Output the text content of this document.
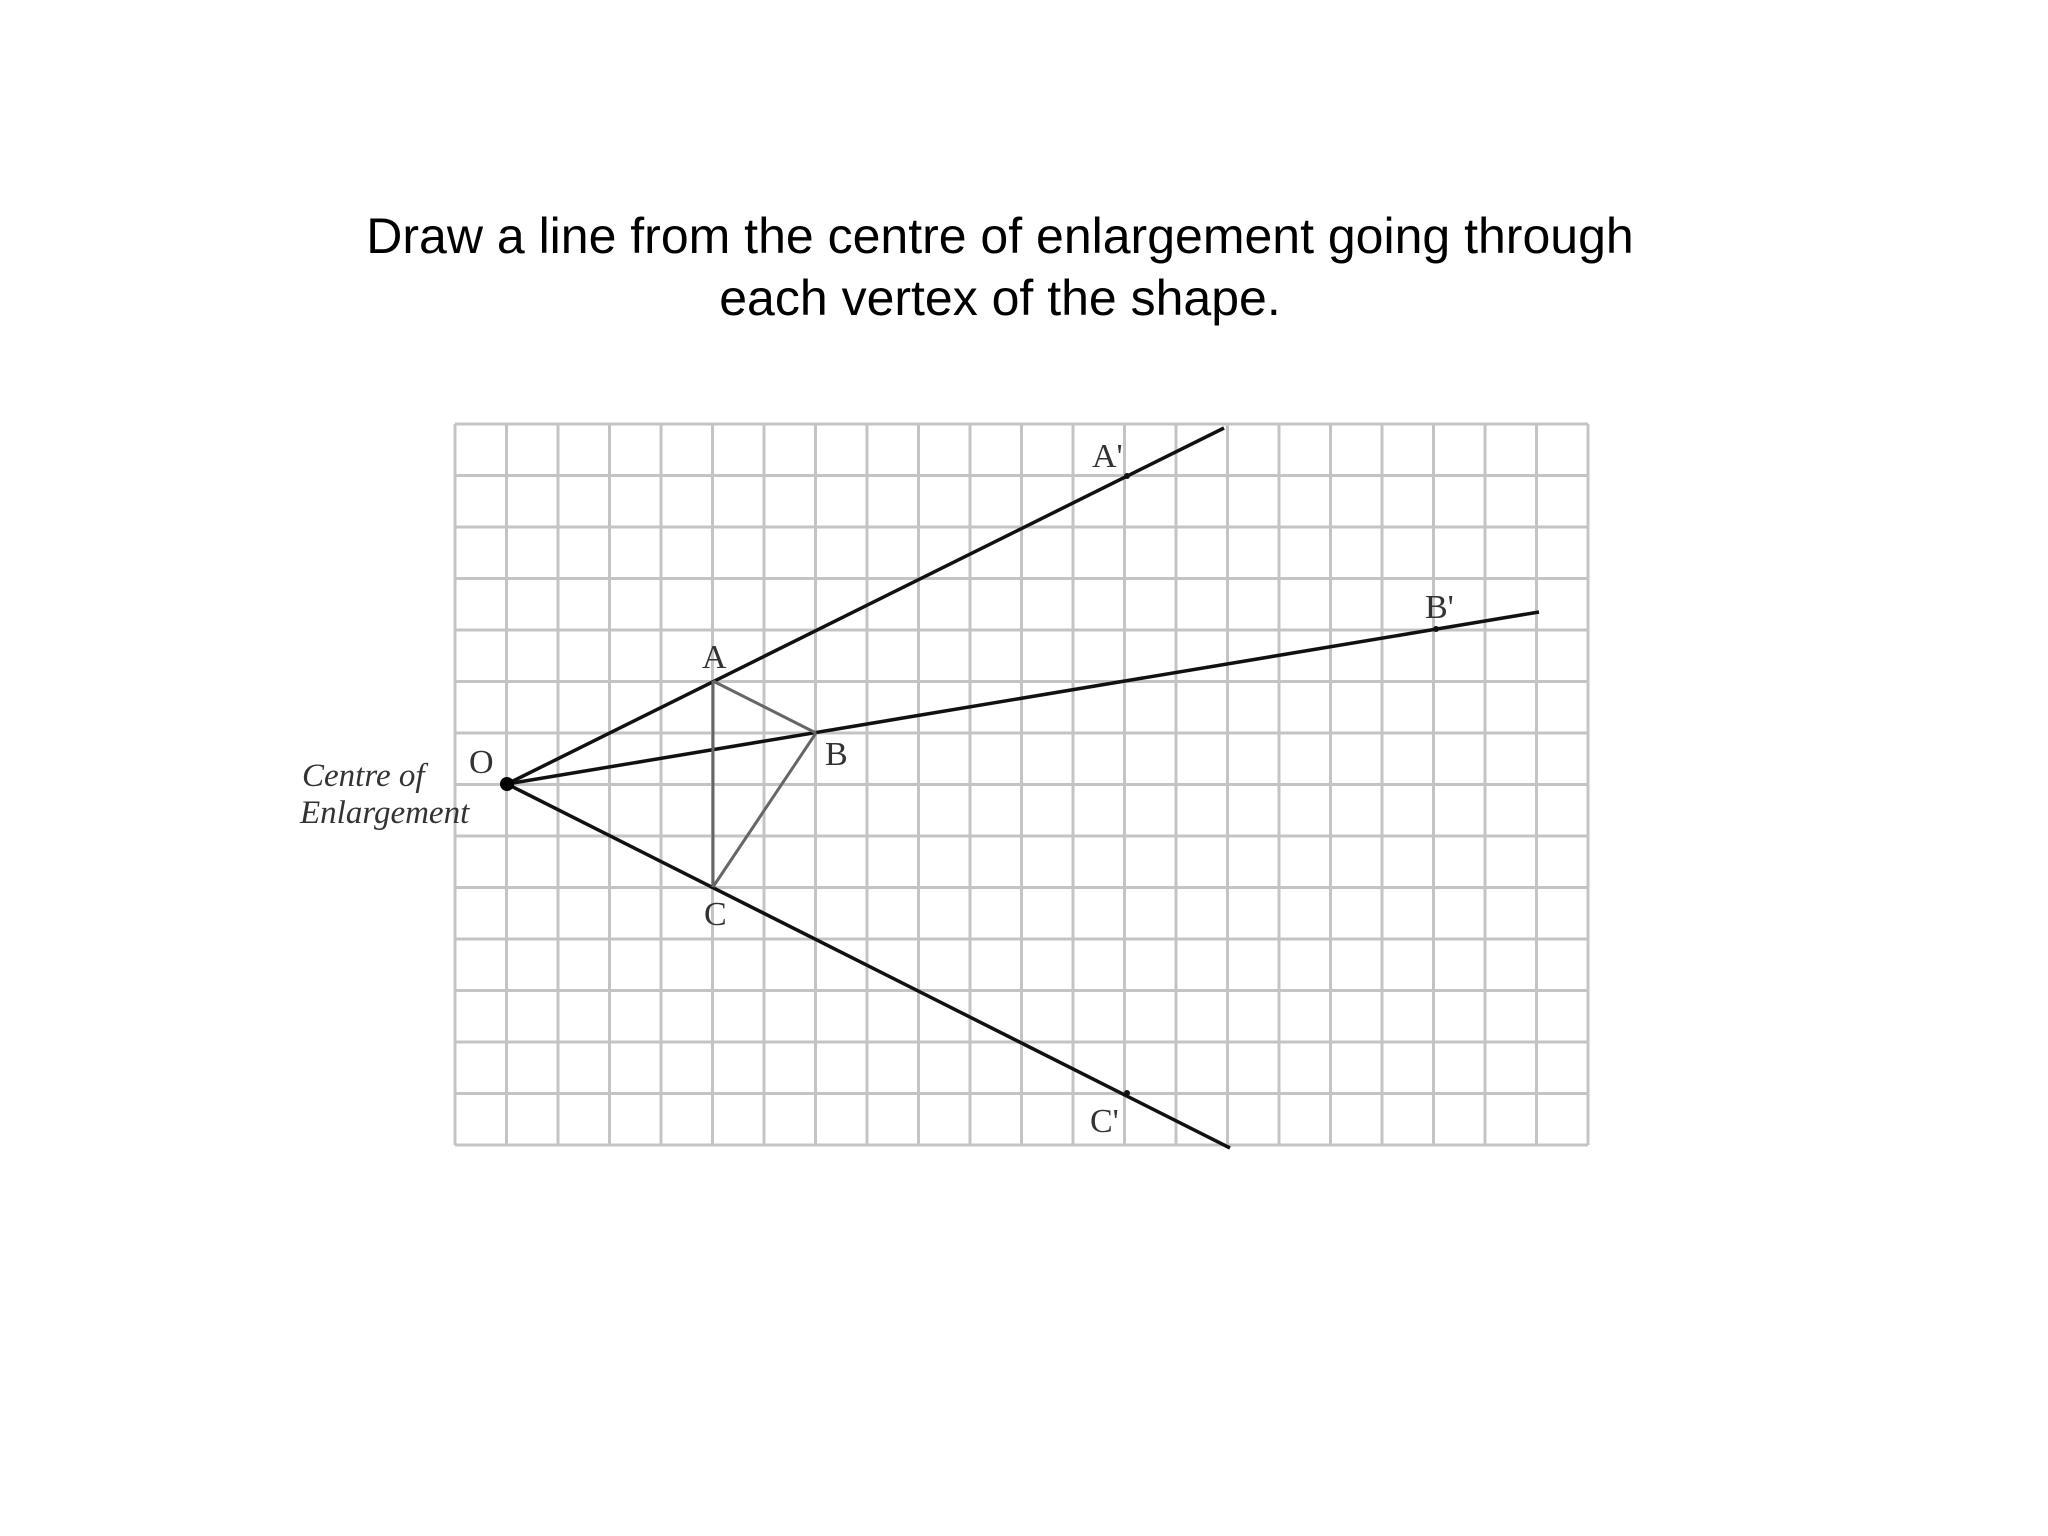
Draw a line from the centre of enlargement going through
each vertex of the shape.
O
Centre of
Enlargement
A
B
C
A'
B'
C'
